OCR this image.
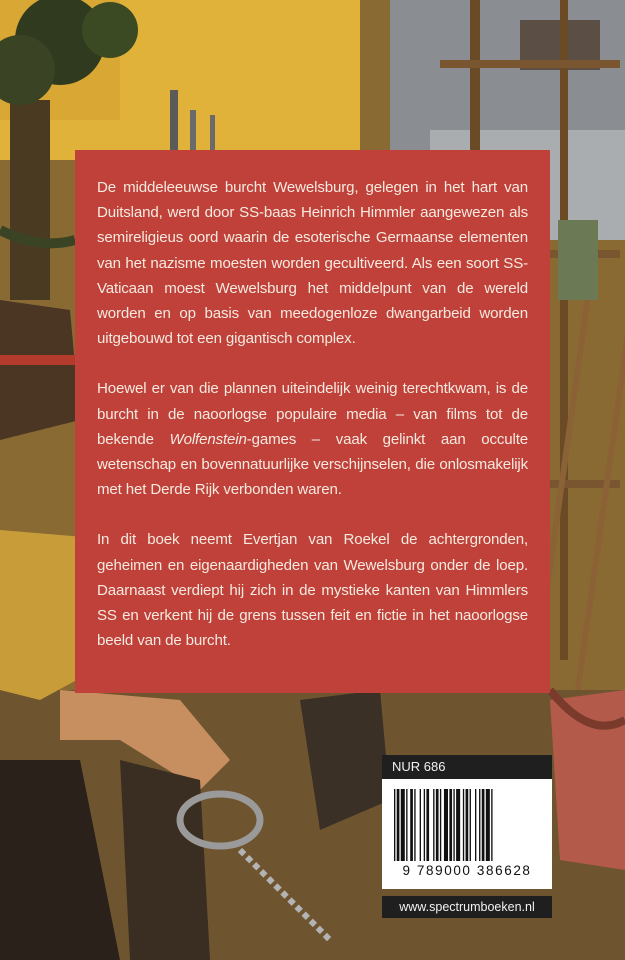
De middeleeuwse burcht Wewelsburg, gelegen in het hart van Duitsland, werd door SS-baas Heinrich Himmler aangewezen als semireligieus oord waarin de esoterische Germaanse elementen van het nazisme moesten worden gecultiveerd. Als een soort SS-Vaticaan moest Wewelsburg het middelpunt van de wereld worden en op basis van meedogenloze dwangarbeid worden uitgebouwd tot een gigantisch complex.

Hoewel er van die plannen uiteindelijk weinig terechtkwam, is de burcht in de naoorlogse populaire media – van films tot de bekende Wolfenstein-games – vaak gelinkt aan occulte wetenschap en bovennatuurlijke verschijnselen, die onlosmakelijk met het Derde Rijk verbonden waren.

In dit boek neemt Evertjan van Roekel de achtergronden, geheimen en eigenaardigheden van Wewelsburg onder de loep. Daarnaast verdiept hij zich in de mystieke kanten van Himmlers SS en verkent hij de grens tussen feit en fictie in het naoorlogse beeld van de burcht.

NUR 686
9 789000 386628
www.spectrumboeken.nl
